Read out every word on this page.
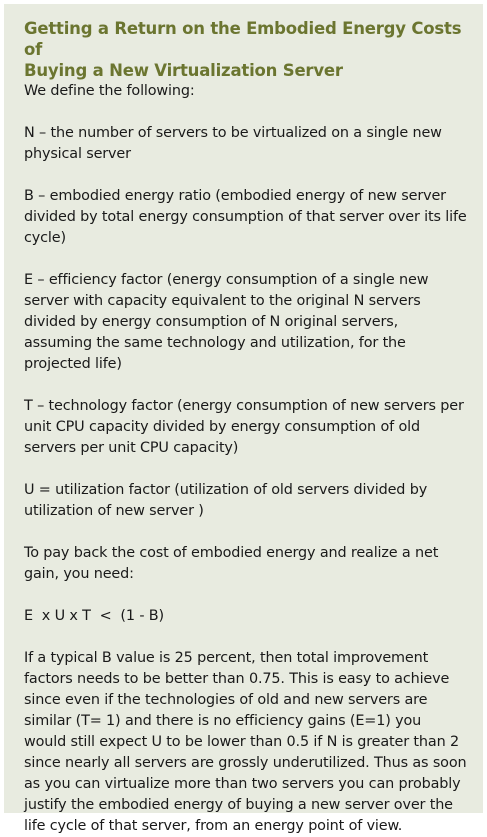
Getting a Return on the Embodied Energy Costs of
Buying a New Virtualization Server

We define the following:

N – the number of servers to be virtualized on a single new physical server

B – embodied energy ratio (embodied energy of new server divided by total energy consumption of that server over its life cycle)

E – efficiency factor (energy consumption of a single new server with capacity equivalent to the original N servers divided by energy consumption of N original servers, assuming the same technology and utilization, for the projected life)

T – technology factor (energy consumption of new servers per unit CPU capacity divided by energy consumption of old servers per unit CPU capacity)

U = utilization factor (utilization of old servers divided by utilization of new server )

To pay back the cost of embodied energy and realize a net gain, you need:

E  x U x T  <  (1 - B)

If a typical B value is 25 percent, then total improvement factors needs to be better than 0.75. This is easy to achieve since even if the technologies of old and new servers are similar (T= 1) and there is no efficiency gains (E=1) you would still expect U to be lower than 0.5 if N is greater than 2 since nearly all servers are grossly underutilized. Thus as soon as you can virtualize more than two servers you can probably justify the embodied energy of buying a new server over the life cycle of that server, from an energy point of view.
